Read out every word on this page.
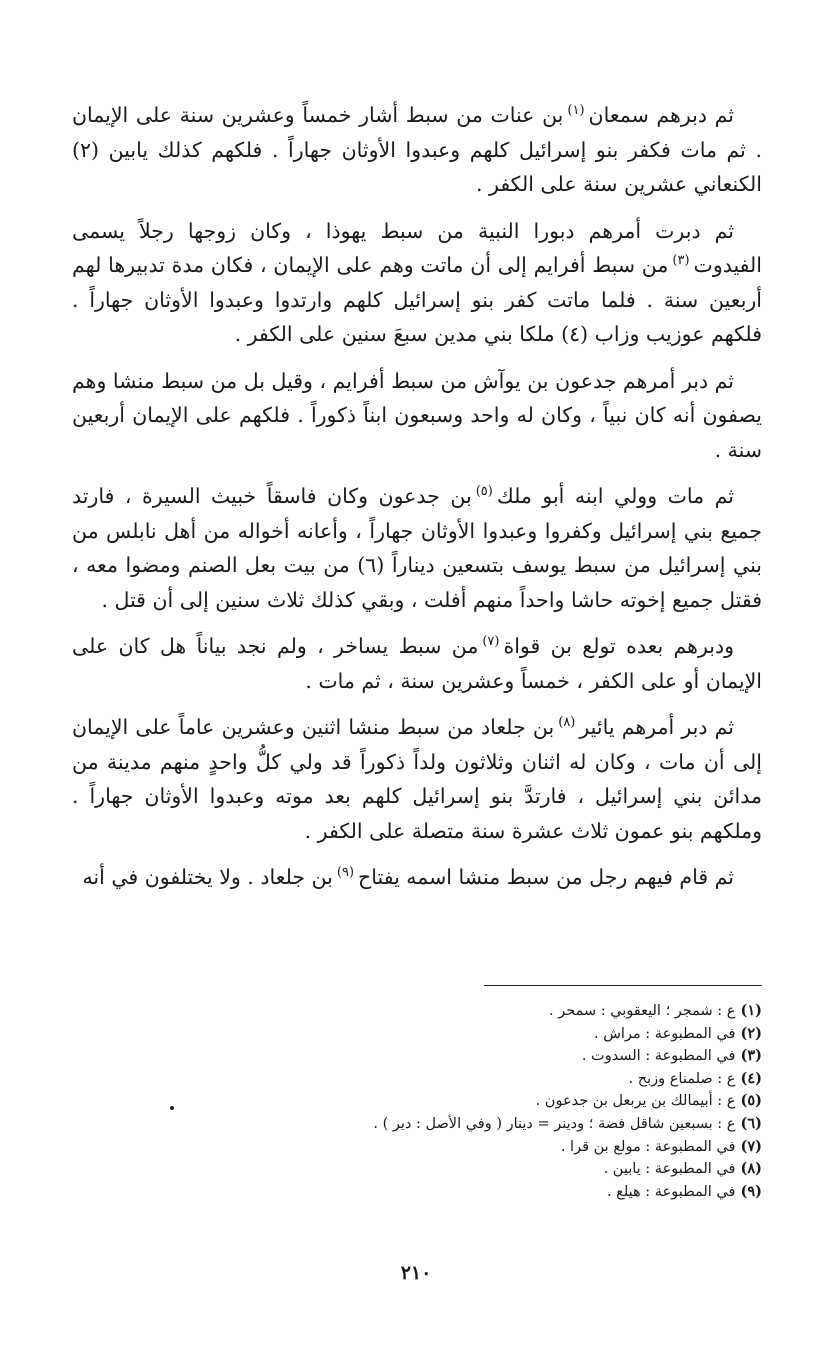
ثم دبرهم سمعان$^{(١)}$بن عنات من سبط أشار خمساً وعشرين سنة على الإيمان . ثم مات فكفر بنو إسرائيل كلهم وعبدوا الأوثان جهاراً . فلكهم كذلك يابين (٢) الكنعاني عشرين سنة على الكفر .

ثم دبرت أمرهم دبورا النبية من سبط يهوذا ، وكان زوجها رجلاً يسمى الفيدوت$^{(٣)}$من سبط أفرايم إلى أن ماتت وهم على الإيمان ، فكان مدة تدبيرها لهم أربعين سنة . فلما ماتت كفر بنو إسرائيل كلهم وارتدوا وعبدوا الأوثان جهاراً . فلكهم عوزيب وزاب (٤) ملكا بني مدين سبعَ سنين على الكفر .

ثم دبر أمرهم جدعون بن يوآش من سبط أفرايم ، وقيل بل من سبط منشا وهم يصفون أنه كان نبياً ، وكان له واحد وسبعون ابناً ذكوراً . فلكهم على الإيمان أربعين سنة .

ثم مات وولي ابنه أبو ملك$^{(٥)}$بن جدعون وكان فاسقاً خبيث السيرة ، فارتد جميع بني إسرائيل وكفروا وعبدوا الأوثان جهاراً ، وأعانه أخواله من أهل نابلس من بني إسرائيل من سبط يوسف بتسعين ديناراً (٦) من بيت بعل الصنم ومضوا معه ، فقتل جميع إخوته حاشا واحداً منهم أفلت ، وبقي كذلك ثلاث سنين إلى أن قتل .

ودبرهم بعده تولع بن قواة$^{(٧)}$من سبط يساخر ، ولم نجد بياناً هل كان على الإيمان أو على الكفر ، خمساً وعشرين سنة ، ثم مات .

ثم دبر أمرهم يائير$^{(٨)}$بن جلعاد من سبط منشا اثنين وعشرين عاماً على الإيمان إلى أن مات ، وكان له اثنان وثلاثون ولداً ذكوراً قد ولي كلُّ واحدٍ منهم مدينة من مدائن بني إسرائيل ، فارتدَّ بنو إسرائيل كلهم بعد موته وعبدوا الأوثان جهاراً . وملكهم بنو عمون ثلاث عشرة سنة متصلة على الكفر .

ثم قام فيهم رجل من سبط منشا اسمه يفتاح$^{(٩)}$بن جلعاد . ولا يختلفون في أنه

(١)ع : شمجر ؛ اليعقوبي : سمحر .

(٢)في المطبوعة : مراش .

(٣)في المطبوعة : السدوت .

(٤)ع : صلمناع وزبح .

(٥)ع : أبيمالك بن يربعل بن جدعون .

(٦)ع : بسبعين شاقل فضة ؛ ودينر = دينار ( وفي الأصل : دير ) .

(٧)في المطبوعة : مولع بن قرا .

(٨)في المطبوعة : يابين .

(٩)في المطبوعة : هيلع .

٢١٠
